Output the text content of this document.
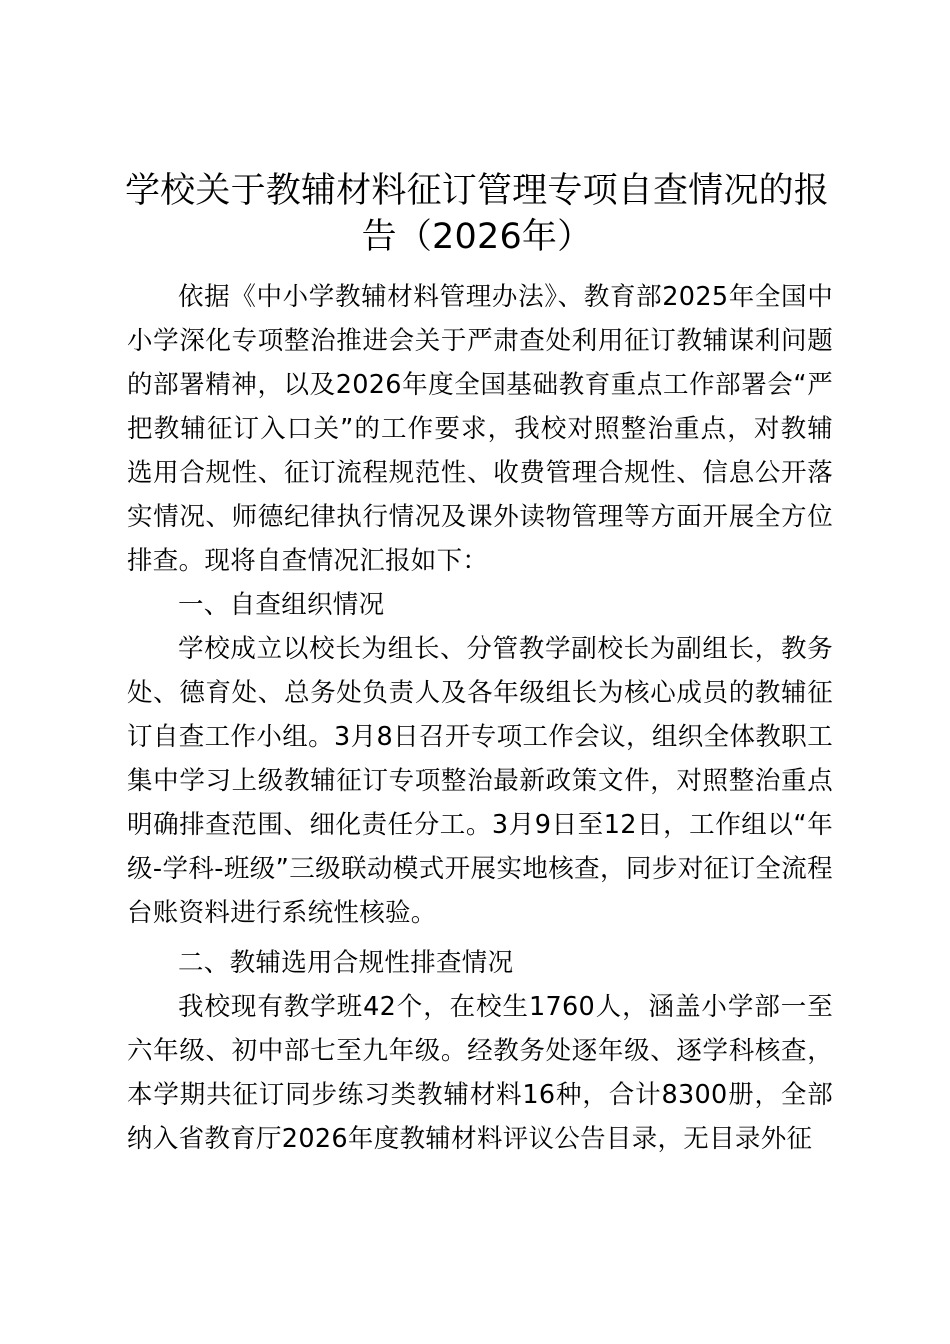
学校关于教辅材料征订管理专项自查情况的报告（2026年）

依据《中小学教辅材料管理办法》、教育部2025年全国中小学深化专项整治推进会关于严肃查处利用征订教辅谋利问题的部署精神，以及2026年度全国基础教育重点工作部署会“严把教辅征订入口关”的工作要求，我校对照整治重点，对教辅选用合规性、征订流程规范性、收费管理合规性、信息公开落实情况、师德纪律执行情况及课外读物管理等方面开展全方位排查。现将自查情况汇报如下：

一、自查组织情况

学校成立以校长为组长、分管教学副校长为副组长，教务处、德育处、总务处负责人及各年级组长为核心成员的教辅征订自查工作小组。3月8日召开专项工作会议，组织全体教职工集中学习上级教辅征订专项整治最新政策文件，对照整治重点明确排查范围、细化责任分工。3月9日至12日，工作组以“年级-学科-班级”三级联动模式开展实地核查，同步对征订全流程台账资料进行系统性核验。

二、教辅选用合规性排查情况

我校现有教学班42个，在校生1760人，涵盖小学部一至六年级、初中部七至九年级。经教务处逐年级、逐学科核查，本学期共征订同步练习类教辅材料16种，合计8300册，全部纳入省教育厅2026年度教辅材料评议公告目录，无目录外征
